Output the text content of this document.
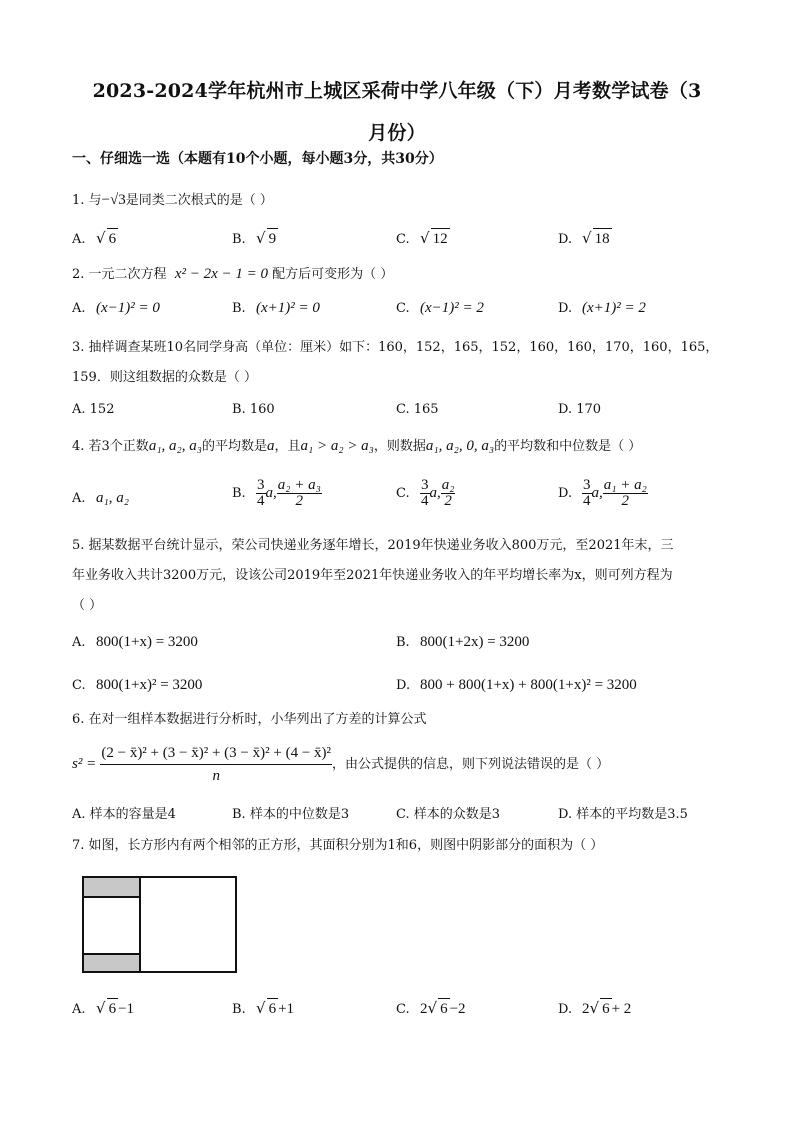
2023-2024学年杭州市上城区采荷中学八年级（下）月考数学试卷（3
月份）
一、仔细选一选（本题有10个小题，每小题3分，共30分）
1. 与−√3是同类二次根式的是（ ）
A. √ 6	B. √ 9	C. √ 12	D. √ 18
2. 一元二次方程 x² − 2x − 1 = 0 配方后可变形为（ ）
A. (x−1)² = 0	B. (x+1)² = 0	C. (x−1)² = 2	D. (x+1)² = 2
3. 抽样调查某班10名同学身高（单位：厘米）如下：160，152，165，152，160，160，170，160，165，
159．则这组数据的众数是（ ）
A. 152	B. 160	C. 165	D. 170
4. 若3个正数a₁, a₂, a₃的平均数是a，且a₁ > a₂ > a₃，则数据a₁, a₂, 0, a₃的平均数和中位数是（ ）
A. a₁, a₂	B. $\frac{3}{4} a$, $\frac{\text{a₂ + a₃}}{2}$	C. $\frac{3}{4} a$, $\frac{\text{a₂}}{2}$	D. $\frac{3}{4} a$, $\frac{\text{a₁ + a₂}}{2}$
5. 据某数据平台统计显示，荣公司快递业务逐年增长，2019年快递业务收入800万元，至2021年末，三
年业务收入共计3200万元，设该公司2019年至2021年快递业务收入的年平均增长率为x，则可列方程为
（ ）
A. 800(1+x) = 3200	B. 800(1+2x) = 3200
C. 800(1+x)² = 3200	D. 800 + 800(1+x) + 800(1+x)² = 3200
6. 在对一组样本数据进行分析时，小华列出了方差的计算公式
$s^2 = \frac{\text{(2 − x̄)² + (3 − x̄)² + (3 − x̄)² + (4 − x̄)²}}{n}$ ，由公式提供的信息，则下列说法错误的是（ ）
A. 样本的容量是4	B. 样本的中位数是3	C. 样本的众数是3	D. 样本的平均数是3.5
7. 如图，长方形内有两个相邻的正方形，其面积分别为1和6，则图中阴影部分的面积为（ ）
A. √ 6 −1	B. √ 6 +1	C. 2√ 6 −2	D. 2√ 6 + 2
